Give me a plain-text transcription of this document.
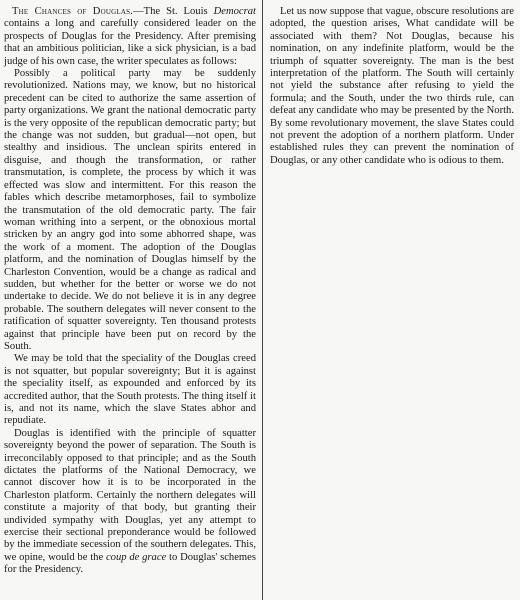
The Chances of Douglas.—The St. Louis Democrat contains a long and carefully considered leader on the prospects of Douglas for the Presidency. After premising that an ambitious politician, like a sick physician, is a bad judge of his own case, the writer speculates as follows:

Possibly a political party may be suddenly revolutionized. Nations may, we know, but no historical precedent can be cited to authorize the same assertion of party organizations. We grant the national democratic party is the very opposite of the republican democratic party; but the change was not sudden, but gradual—not open, but stealthy and insidious. The unclean spirits entered in disguise, and though the transformation, or rather transmutation, is complete, the process by which it was effected was slow and intermittent. For this reason the fables which describe metamorphoses, fail to symbolize the transmutation of the old democratic party. The fair woman writhing into a serpent, or the obnoxious mortal stricken by an angry god into some abhorred shape, was the work of a moment. The adoption of the Douglas platform, and the nomination of Douglas himself by the Charleston Convention, would be a change as radical and sudden, but whether for the better or worse we do not undertake to decide. We do not believe it is in any degree probable. The southern delegates will never consent to the ratification of squatter sovereignty. Ten thousand protests against that principle have been put on record by the South.

We may be told that the speciality of the Douglas creed is not squatter, but popular sovereignty; But it is against the speciality itself, as expounded and enforced by its accredited author, that the South protests. The thing itself it is, and not its name, which the slave States abhor and repudiate.

Douglas is identified with the principle of squatter sovereignty beyond the power of separation. The South is irreconcilably opposed to that principle; and as the South dictates the platforms of the National Democracy, we cannot discover how it is to be incorporated in the Charleston platform. Certainly the northern delegates will constitute a majority of that body, but granting their undivided sympathy with Douglas, yet any attempt to exercise their sectional preponderance would be followed by the immediate secession of the southern delegates. This, we opine, would be the coup de grace to Douglas' schemes for the Presidency.

Let us now suppose that vague, obscure resolutions are adopted, the question arises, What candidate will be associated with them? Not Douglas, because his nomination, on any indefinite platform, would be the triumph of squatter sovereignty. The man is the best interpretation of the platform. The South will certainly not yield the substance after refusing to yield the formula; and the South, under the two thirds rule, can defeat any candidate who may be presented by the North. By some revolutionary movement, the slave States could not prevent the adoption of a northern platform. Under established rules they can prevent the nomination of Douglas, or any other candidate who is odious to them.
